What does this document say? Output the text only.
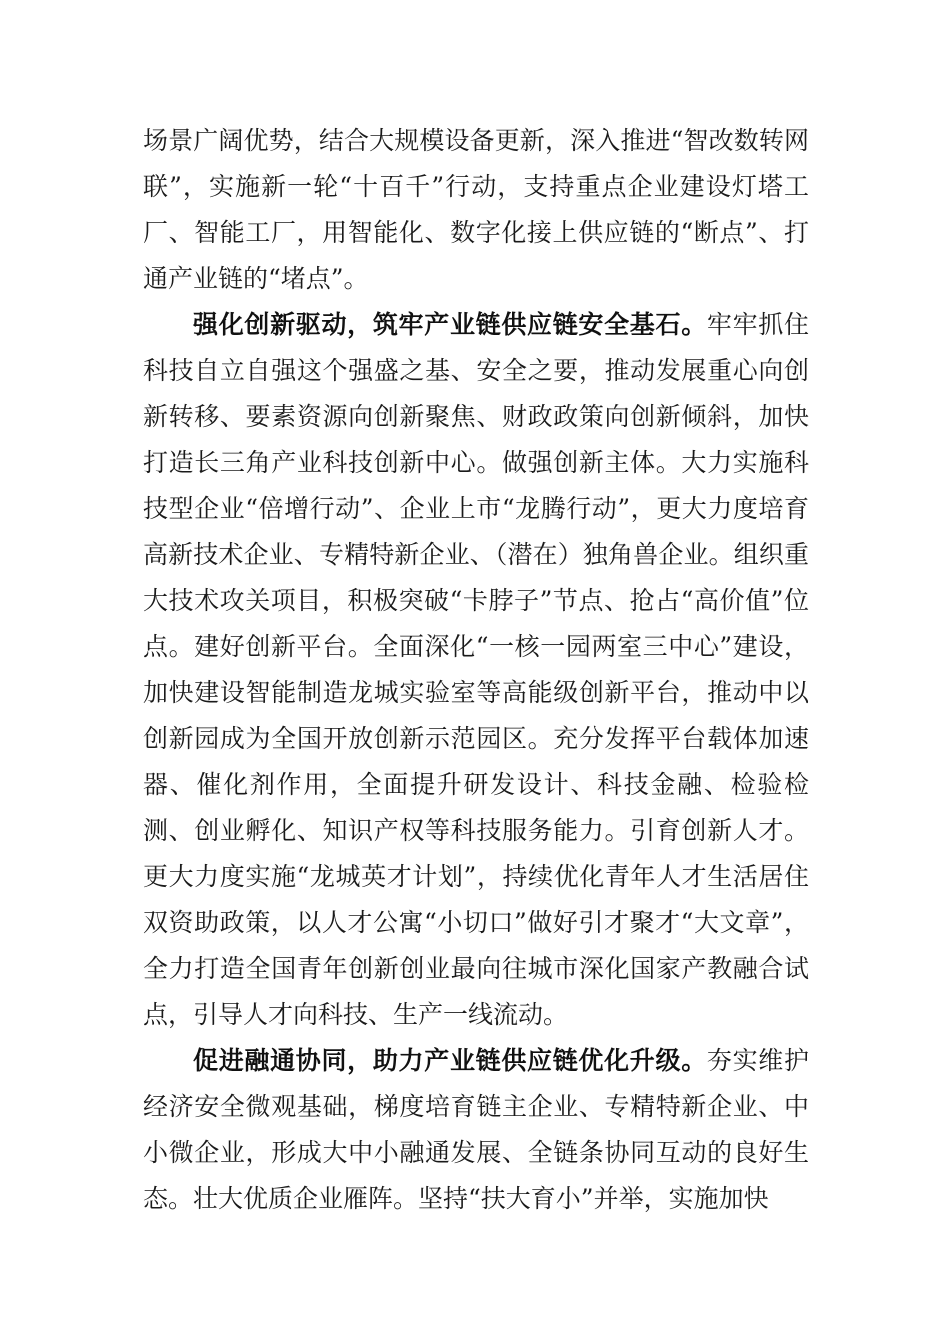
场景广阔优势，结合大规模设备更新，深入推进“智改数转网联”，实施新一轮“十百千”行动，支持重点企业建设灯塔工厂、智能工厂，用智能化、数字化接上供应链的“断点”、打通产业链的“堵点”。

强化创新驱动，筑牢产业链供应链安全基石。牢牢抓住科技自立自强这个强盛之基、安全之要，推动发展重心向创新转移、要素资源向创新聚焦、财政政策向创新倾斜，加快打造长三角产业科技创新中心。做强创新主体。大力实施科技型企业“倍增行动”、企业上市“龙腾行动”，更大力度培育高新技术企业、专精特新企业、（潜在）独角兽企业。组织重大技术攻关项目，积极突破“卡脖子”节点、抢占“高价值”位点。建好创新平台。全面深化“一核一园两室三中心”建设，加快建设智能制造龙城实验室等高能级创新平台，推动中以创新园成为全国开放创新示范园区。充分发挥平台载体加速器、催化剂作用，全面提升研发设计、科技金融、检验检测、创业孵化、知识产权等科技服务能力。引育创新人才。更大力度实施“龙城英才计划”，持续优化青年人才生活居住双资助政策，以人才公寓“小切口”做好引才聚才“大文章”，全力打造全国青年创新创业最向往城市深化国家产教融合试点，引导人才向科技、生产一线流动。

促进融通协同，助力产业链供应链优化升级。夯实维护经济安全微观基础，梯度培育链主企业、专精特新企业、中小微企业，形成大中小融通发展、全链条协同互动的良好生态。壮大优质企业雁阵。坚持“扶大育小”并举，实施加快
